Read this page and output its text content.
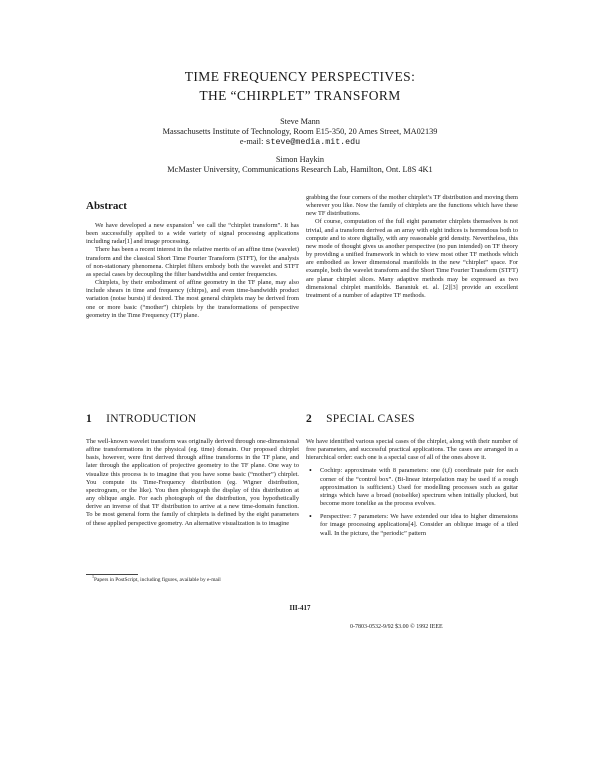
TIME FREQUENCY PERSPECTIVES:
THE “CHIRPLET” TRANSFORM
Steve Mann
Massachusetts Institute of Technology, Room E15-350, 20 Ames Street, MA02139
e-mail: steve@media.mit.edu
Simon Haykin
McMaster University, Communications Research Lab, Hamilton, Ont. L8S 4K1
Abstract

We have developed a new expansion$^1$ we call the “chirplet transform”. It has been successfully applied to a wide variety of signal processing applications including radar[1] and image processing.

There has been a recent interest in the relative merits of an affine time (wavelet) transform and the classical Short Time Fourier Transform (STFT), for the analysis of non-stationary phenomena. Chirplet filters embody both the wavelet and STFT as special cases by decoupling the filter bandwidths and center frequencies.

Chirplets, by their embodiment of affine geometry in the TF plane, may also include shears in time and frequency (chirps), and even time-bandwidth product variation (noise bursts) if desired. The most general chirplets may be derived from one or more basic (“mother”) chirplets by the transformations of perspective geometry in the Time Frequency (TF) plane.

grabbing the four corners of the mother chirplet’s TF distribution and moving them wherever you like. Now the family of chirplets are the functions which have these new TF distributions.

Of course, computation of the full eight parameter chirplets themselves is not trivial, and a transform derived as an array with eight indices is horrendous both to compute and to store digitally, with any reasonable grid density. Nevertheless, this new mode of thought gives us another perspective (no pun intended) on TF theory by providing a unified framework in which to view most other TF methods which are embodied as lower dimensional manifolds in the new “chirplet” space. For example, both the wavelet transform and the Short Time Fourier Transform (STFT) are planar chirplet slices. Many adaptive methods may be expressed as two dimensional chirplet manifolds. Baraniuk et. al. [2][3] provide an excellent treatment of a number of adaptive TF methods.

1 INTRODUCTION

The well-known wavelet transform was originally derived through one-dimensional affine transformations in the physical (eg. time) domain. Our proposed chirplet basis, however, were first derived through affine transforms in the TF plane, and later through the application of projective geometry to the TF plane. One way to visualize this process is to imagine that you have some basic (“mother”) chirplet. You compute its Time-Frequency distribution (eg. Wigner distribution, spectrogram, or the like). You then photograph the display of this distribution at any oblique angle. For each photograph of the distribution, you hypothetically derive an inverse of that TF distribution to arrive at a new time-domain function. To be most general form the family of chirplets is defined by the eight parameters of these applied perspective geometry. An alternative visualization is to imagine

$^1$Papers in PostScript, including figures, available by e-mail
2 SPECIAL CASES

We have identified various special cases of the chirplet, along with their number of free parameters, and successful practical applications. The cases are arranged in a hierarchical order: each one is a special case of all of the ones above it.

• Cochirp: approximate with 8 parameters: one (t,f) coordinate pair for each corner of the “control box”. (Bi-linear interpolation may be used if a rough approximation is sufficient.) Used for modelling processes such as guitar strings which have a broad (noiselike) spectrum when initially plucked, but become more tonelike as the process evolves.
• Perspective: 7 parameters: We have extended our idea to higher dimensions for image processing applications[4]. Consider an oblique image of a tiled wall. In the picture, the “periodic” pattern
III-417
0-7803-0532-9/92 $3.00 © 1992 IEEE
